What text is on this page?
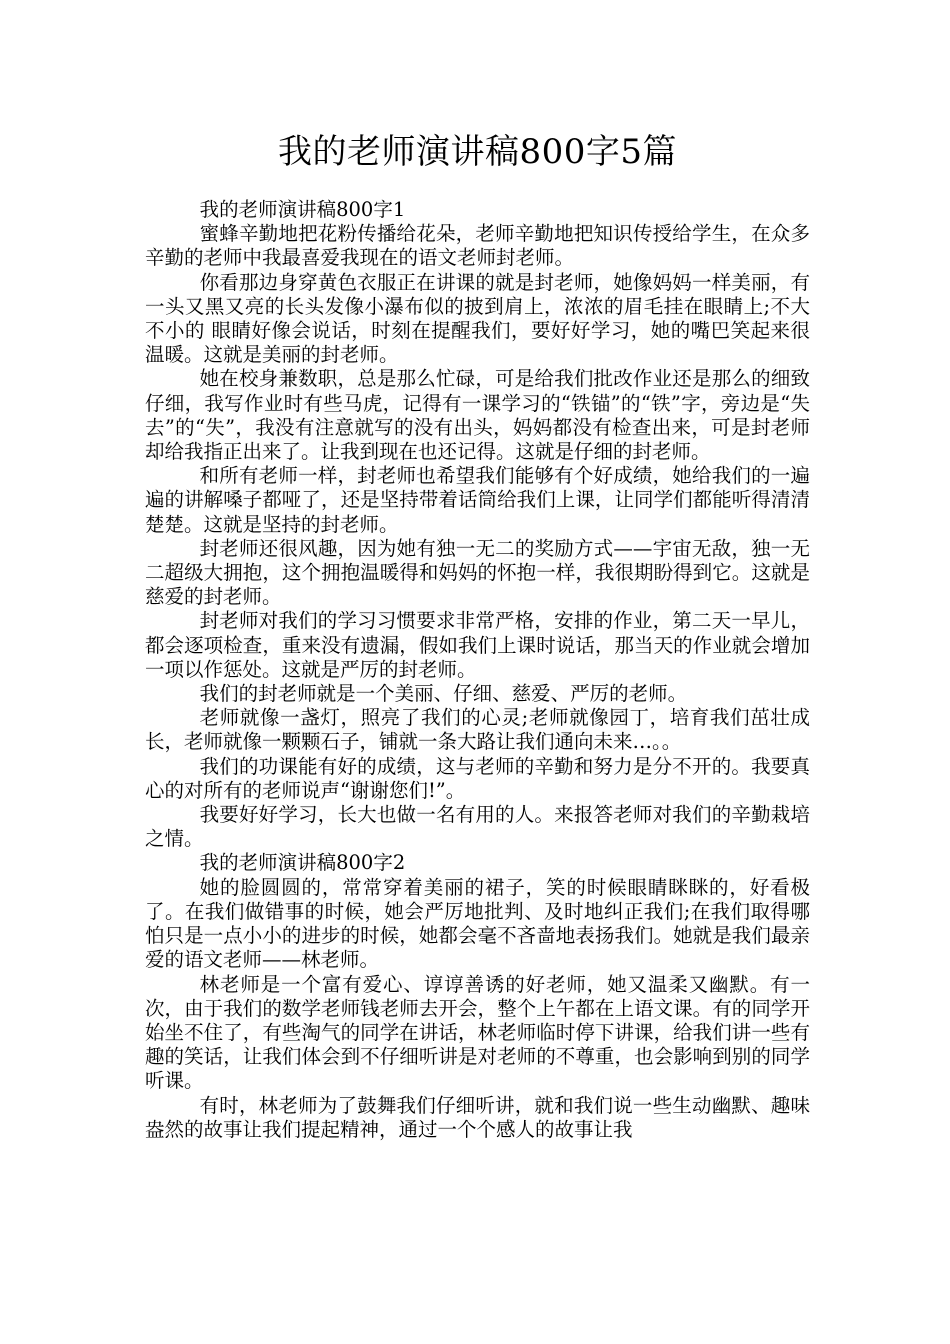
我的老师演讲稿800字5篇

我的老师演讲稿800字1

蜜蜂辛勤地把花粉传播给花朵，老师辛勤地把知识传授给学生，在众多辛勤的老师中我最喜爱我现在的语文老师封老师。

你看那边身穿黄色衣服正在讲课的就是封老师，她像妈妈一样美丽，有一头又黑又亮的长头发像小瀑布似的披到肩上，浓浓的眉毛挂在眼睛上;不大不小的 眼睛好像会说话，时刻在提醒我们，要好好学习，她的嘴巴笑起来很温暖。这就是美丽的封老师。

她在校身兼数职，总是那么忙碌，可是给我们批改作业还是那么的细致仔细，我写作业时有些马虎，记得有一课学习的“铁锚”的“铁”字，旁边是“失去”的“失”，我没有注意就写的没有出头，妈妈都没有检查出来，可是封老师却给我指正出来了。让我到现在也还记得。这就是仔细的封老师。

和所有老师一样，封老师也希望我们能够有个好成绩，她给我们的一遍遍的讲解嗓子都哑了，还是坚持带着话筒给我们上课，让同学们都能听得清清楚楚。这就是坚持的封老师。

封老师还很风趣，因为她有独一无二的奖励方式——宇宙无敌，独一无二超级大拥抱，这个拥抱温暖得和妈妈的怀抱一样，我很期盼得到它。这就是慈爱的封老师。

封老师对我们的学习习惯要求非常严格，安排的作业，第二天一早儿，都会逐项检查，重来没有遗漏，假如我们上课时说话，那当天的作业就会增加一项以作惩处。这就是严厉的封老师。

我们的封老师就是一个美丽、仔细、慈爱、严厉的老师。

老师就像一盏灯，照亮了我们的心灵;老师就像园丁，培育我们茁壮成长，老师就像一颗颗石子，铺就一条大路让我们通向未来…。。

我们的功课能有好的成绩，这与老师的辛勤和努力是分不开的。我要真心的对所有的老师说声“谢谢您们!”。

我要好好学习，长大也做一名有用的人。来报答老师对我们的辛勤栽培之情。

我的老师演讲稿800字2

她的脸圆圆的，常常穿着美丽的裙子，笑的时候眼睛眯眯的，好看极了。在我们做错事的时候，她会严厉地批判、及时地纠正我们;在我们取得哪怕只是一点小小的进步的时候，她都会毫不吝啬地表扬我们。她就是我们最亲爱的语文老师——林老师。

林老师是一个富有爱心、谆谆善诱的好老师，她又温柔又幽默。有一次，由于我们的数学老师钱老师去开会，整个上午都在上语文课。有的同学开始坐不住了，有些淘气的同学在讲话，林老师临时停下讲课，给我们讲一些有趣的笑话，让我们体会到不仔细听讲是对老师的不尊重，也会影响到别的同学听课。

有时，林老师为了鼓舞我们仔细听讲，就和我们说一些生动幽默、趣味盎然的故事让我们提起精神，通过一个个感人的故事让我
